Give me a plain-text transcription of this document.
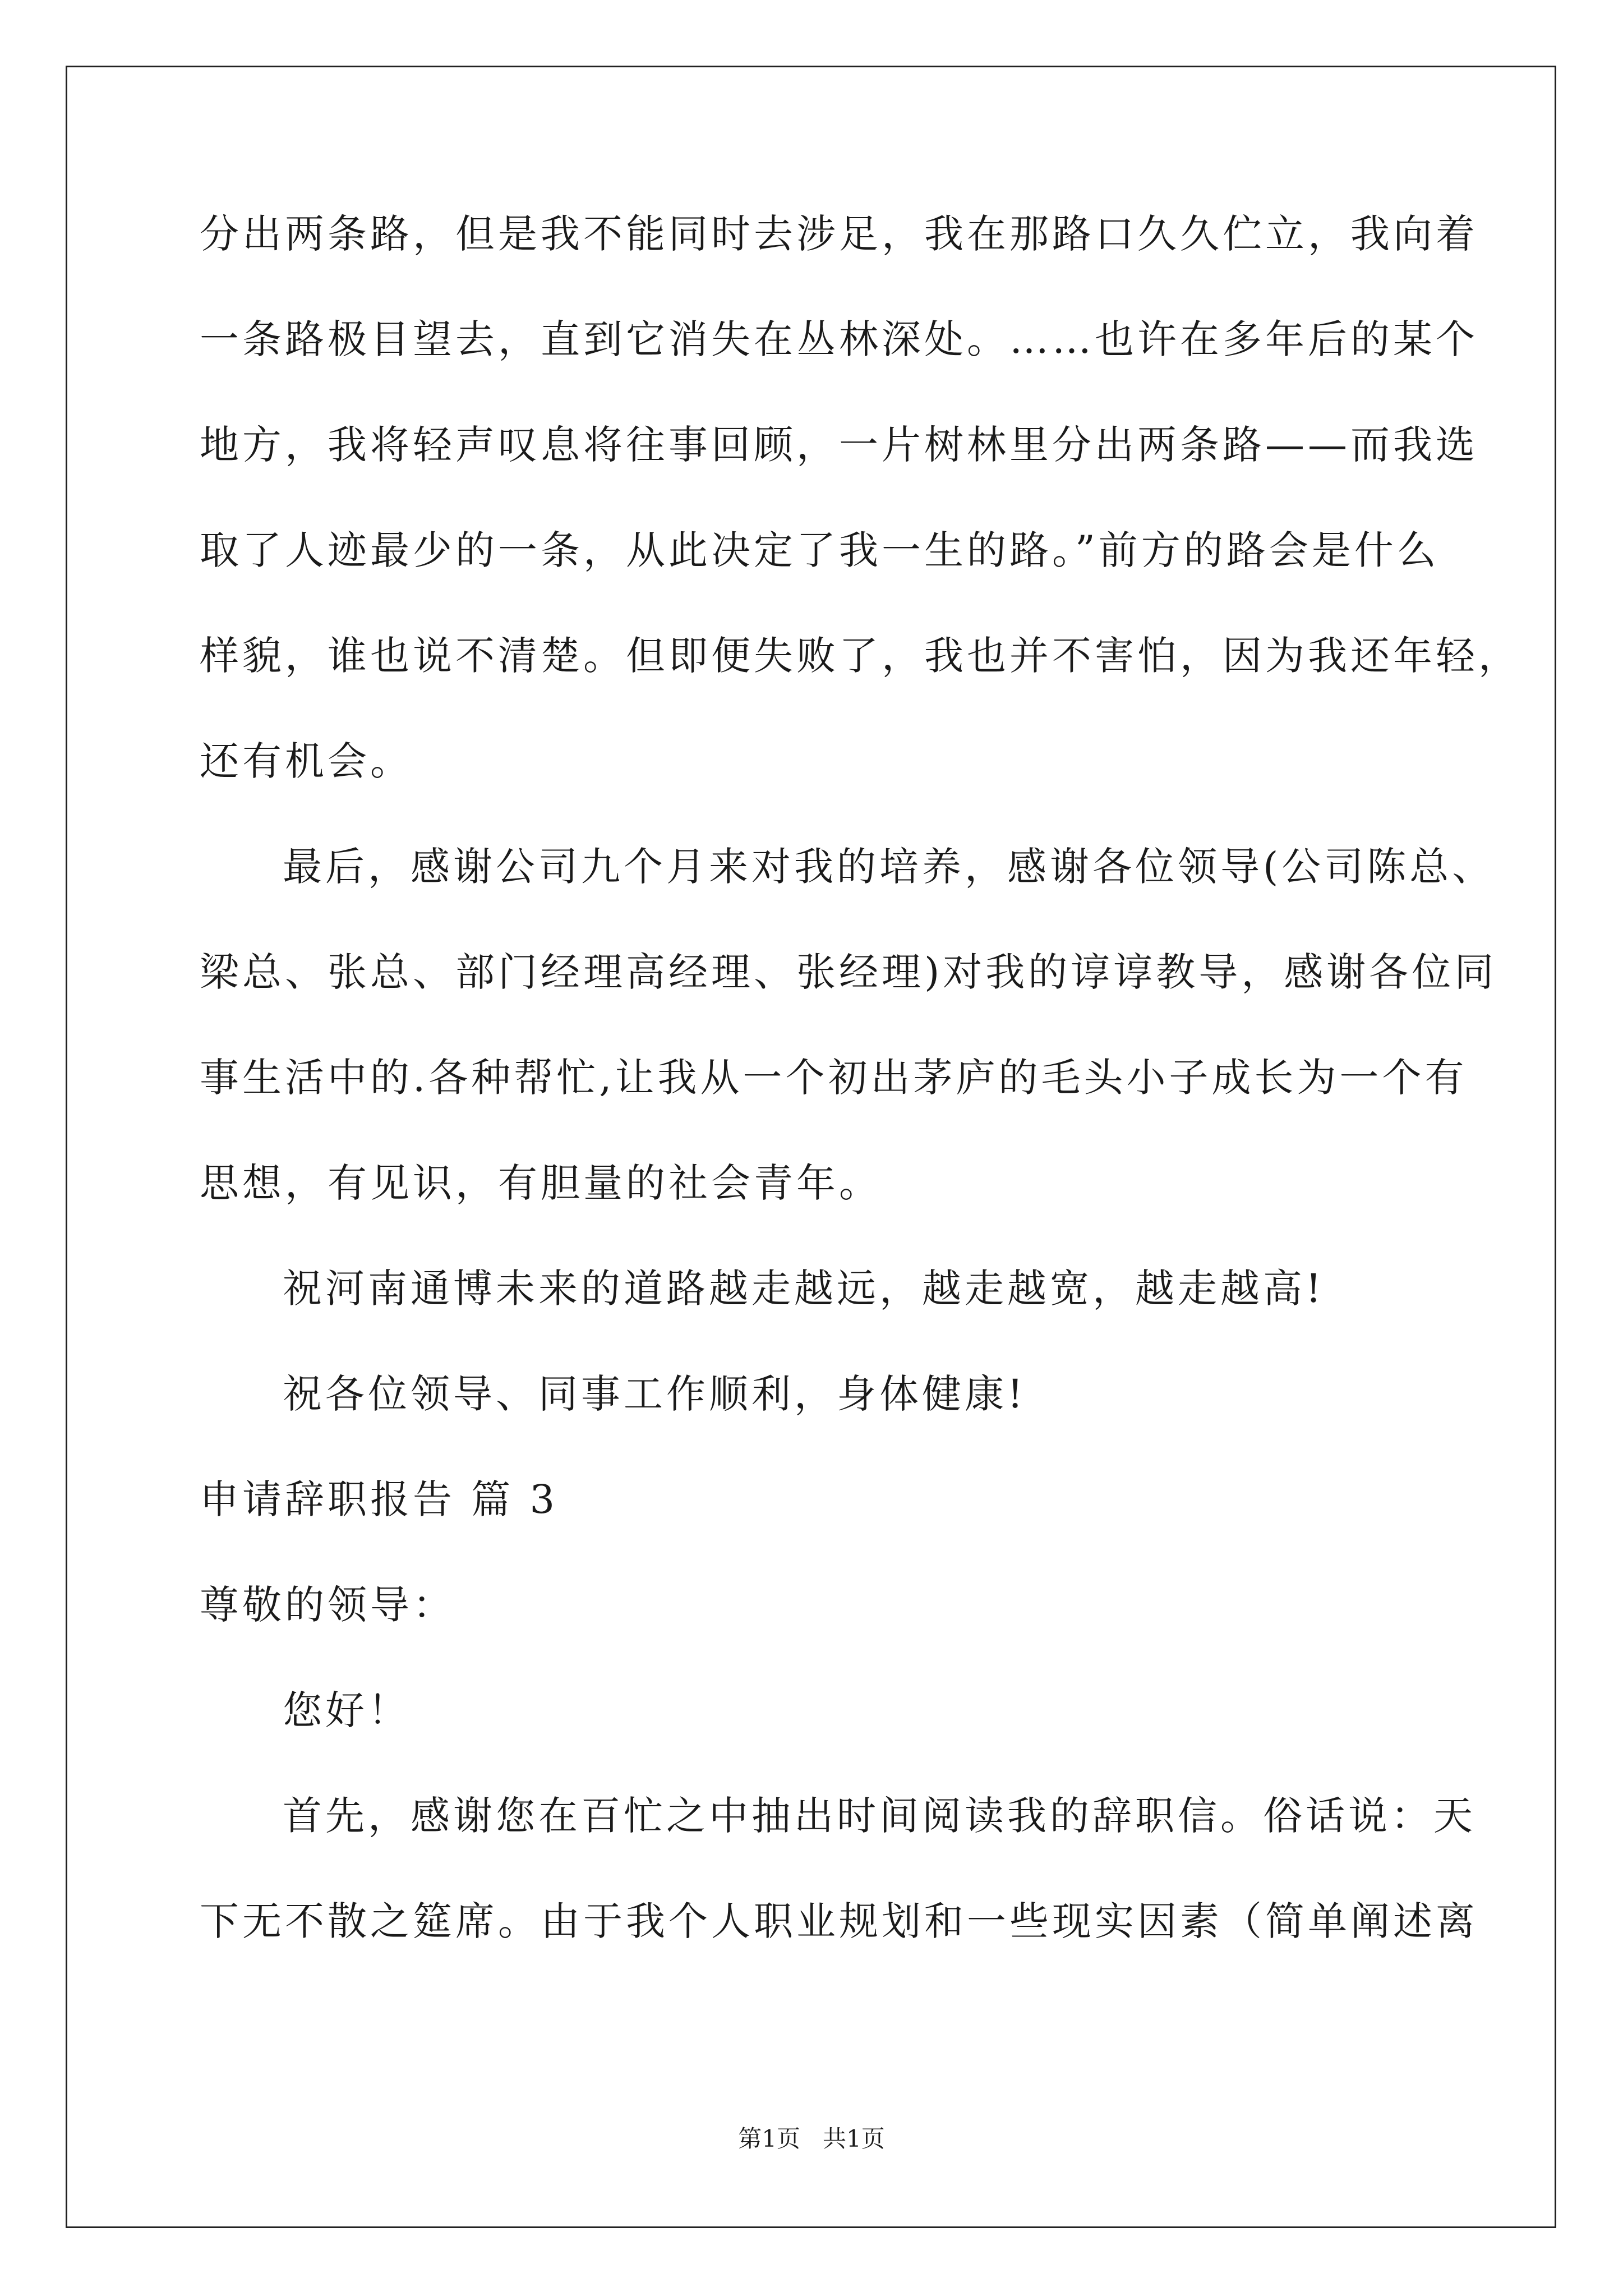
分出两条路，但是我不能同时去涉足，我在那路口久久伫立，我向着
一条路极目望去，直到它消失在丛林深处。……也许在多年后的某个
地方，我将轻声叹息将往事回顾，一片树林里分出两条路——而我选
取了人迹最少的一条，从此决定了我一生的路。”前方的路会是什么
样貌，谁也说不清楚。但即便失败了，我也并不害怕，因为我还年轻，
还有机会。
最后，感谢公司九个月来对我的培养，感谢各位领导(公司陈总、
梁总、张总、部门经理高经理、张经理)对我的谆谆教导，感谢各位同
事生活中的.各种帮忙,让我从一个初出茅庐的毛头小子成长为一个有
思想，有见识，有胆量的社会青年。
祝河南通博未来的道路越走越远，越走越宽，越走越高!
祝各位领导、同事工作顺利，身体健康!
申请辞职报告 篇 3
尊敬的领导：
您好！
首先，感谢您在百忙之中抽出时间阅读我的辞职信。俗话说：天
下无不散之筵席。由于我个人职业规划和一些现实因素（简单阐述离
第1页   共1页
